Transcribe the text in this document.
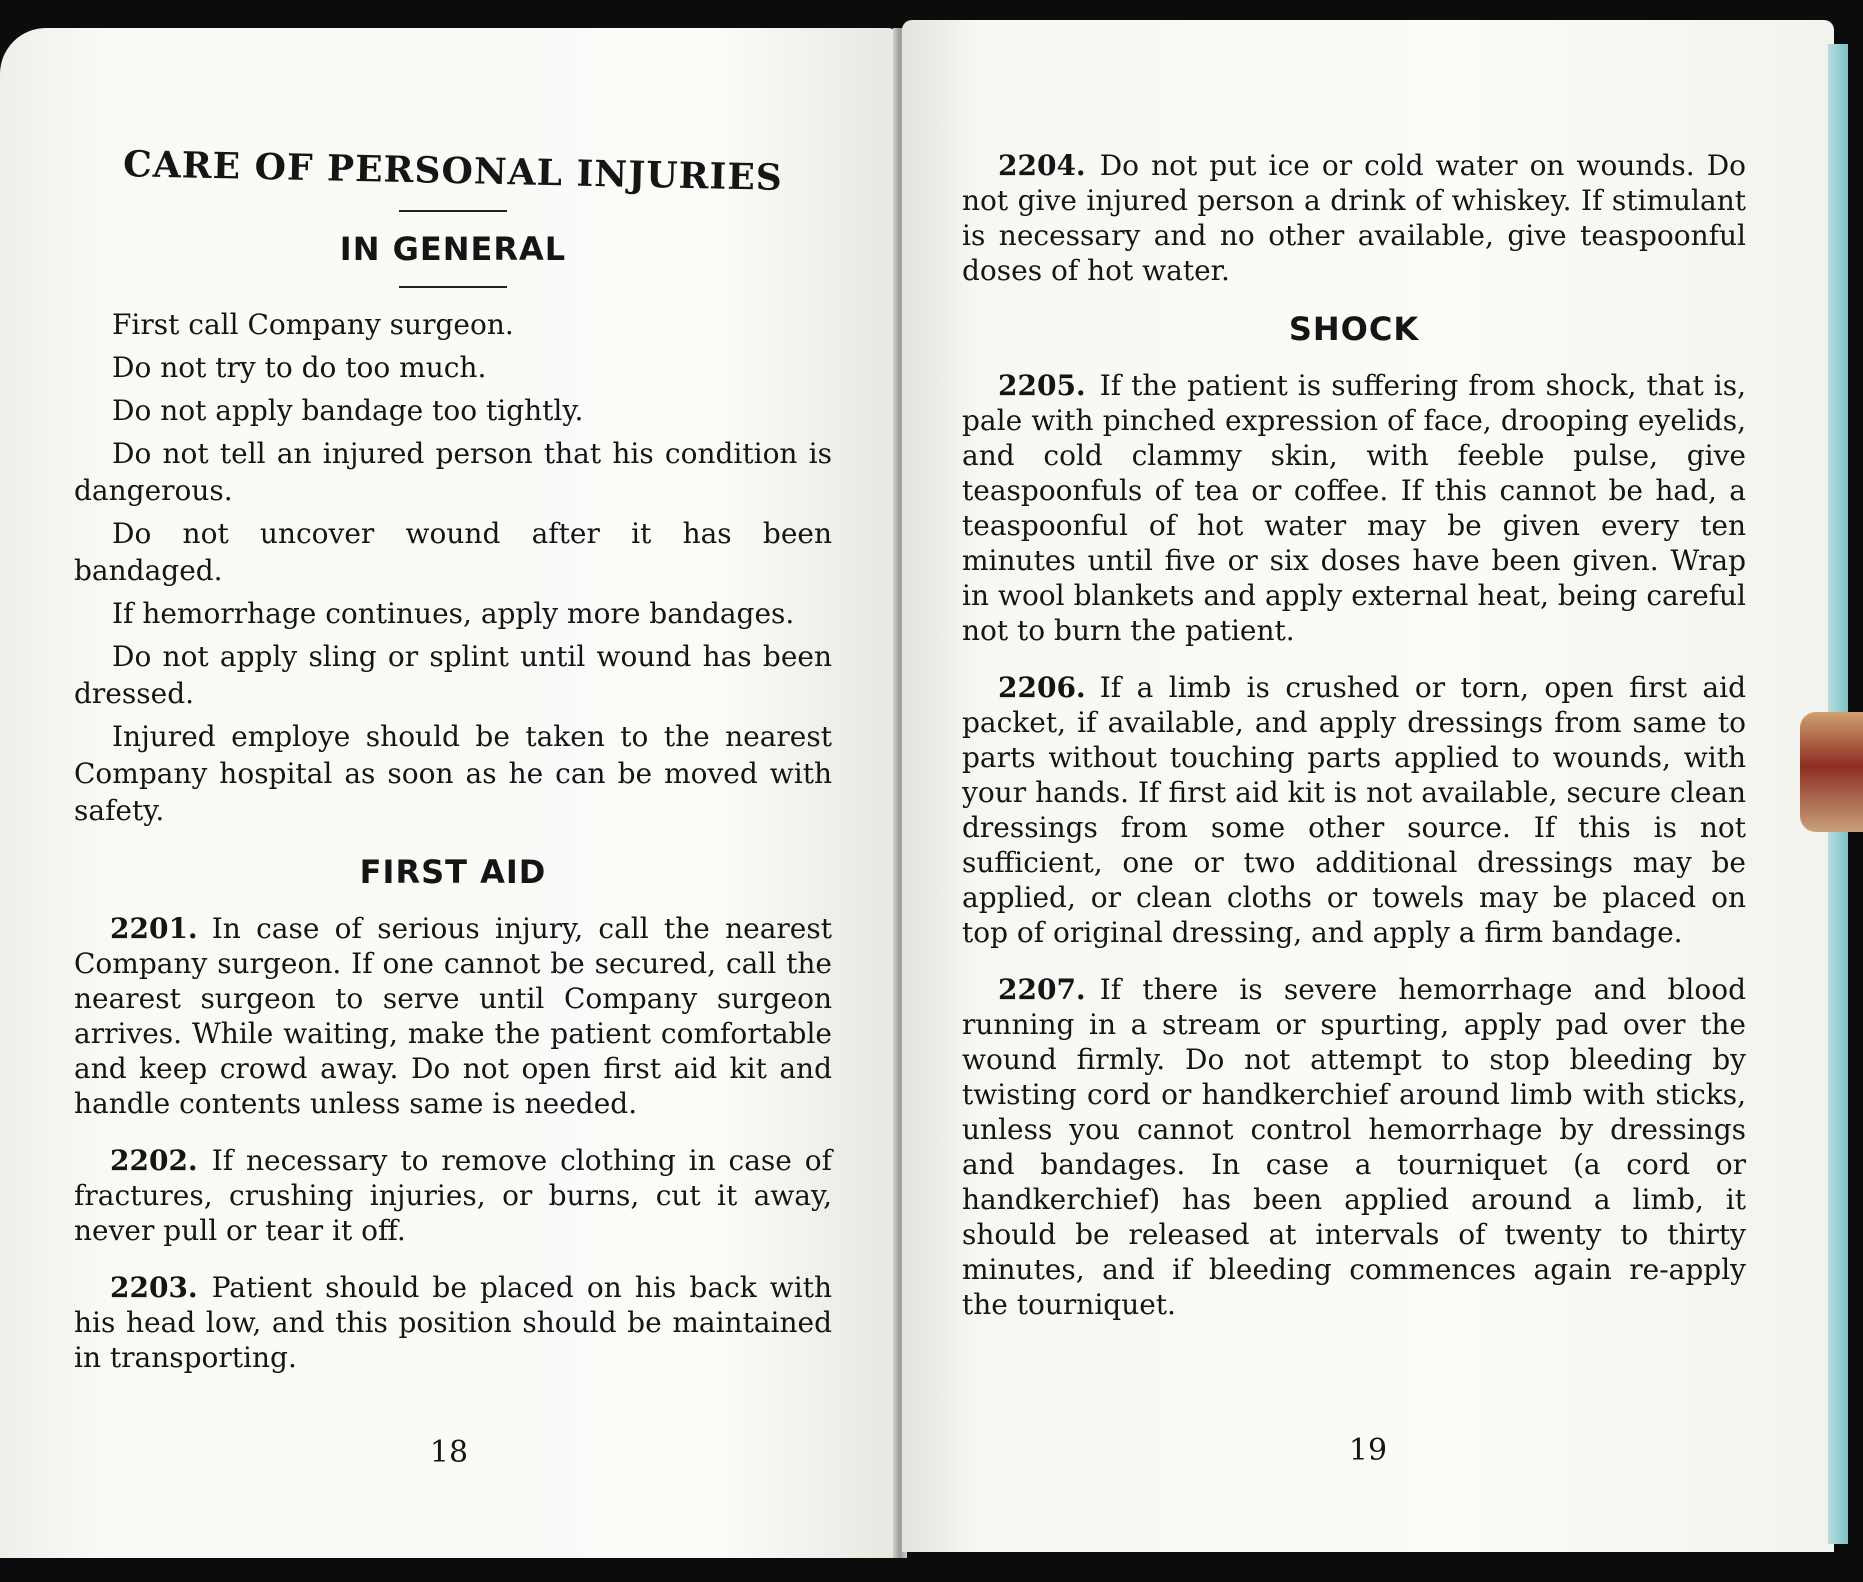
CARE OF PERSONAL INJURIES
IN GENERAL

First call Company surgeon.

Do not try to do too much.

Do not apply bandage too tightly.

Do not tell an injured person that his condition is dangerous.

Do not uncover wound after it has been bandaged.

If hemorrhage continues, apply more bandages.

Do not apply sling or splint until wound has been dressed.

Injured employe should be taken to the nearest Company hospital as soon as he can be moved with safety.

FIRST AID

2201. In case of serious injury, call the nearest Company surgeon. If one cannot be secured, call the nearest surgeon to serve until Company surgeon arrives. While waiting, make the patient comfortable and keep crowd away. Do not open first aid kit and handle contents unless same is needed.

2202. If necessary to remove clothing in case of fractures, crushing injuries, or burns, cut it away, never pull or tear it off.

2203. Patient should be placed on his back with his head low, and this position should be maintained in transporting.

18

2204. Do not put ice or cold water on wounds. Do not give injured person a drink of whiskey. If stimulant is necessary and no other available, give teaspoonful doses of hot water.

SHOCK

2205. If the patient is suffering from shock, that is, pale with pinched expression of face, drooping eyelids, and cold clammy skin, with feeble pulse, give teaspoonfuls of tea or coffee. If this cannot be had, a teaspoonful of hot water may be given every ten minutes until five or six doses have been given. Wrap in wool blankets and apply external heat, being careful not to burn the patient.

2206. If a limb is crushed or torn, open first aid packet, if available, and apply dressings from same to parts without touching parts applied to wounds, with your hands. If first aid kit is not available, secure clean dressings from some other source. If this is not sufficient, one or two additional dressings may be applied, or clean cloths or towels may be placed on top of original dressing, and apply a firm bandage.

2207. If there is severe hemorrhage and blood running in a stream or spurting, apply pad over the wound firmly. Do not attempt to stop bleeding by twisting cord or handkerchief around limb with sticks, unless you cannot control hemorrhage by dressings and bandages. In case a tourniquet (a cord or handkerchief) has been applied around a limb, it should be released at intervals of twenty to thirty minutes, and if bleeding commences again re-apply the tourniquet.

19
